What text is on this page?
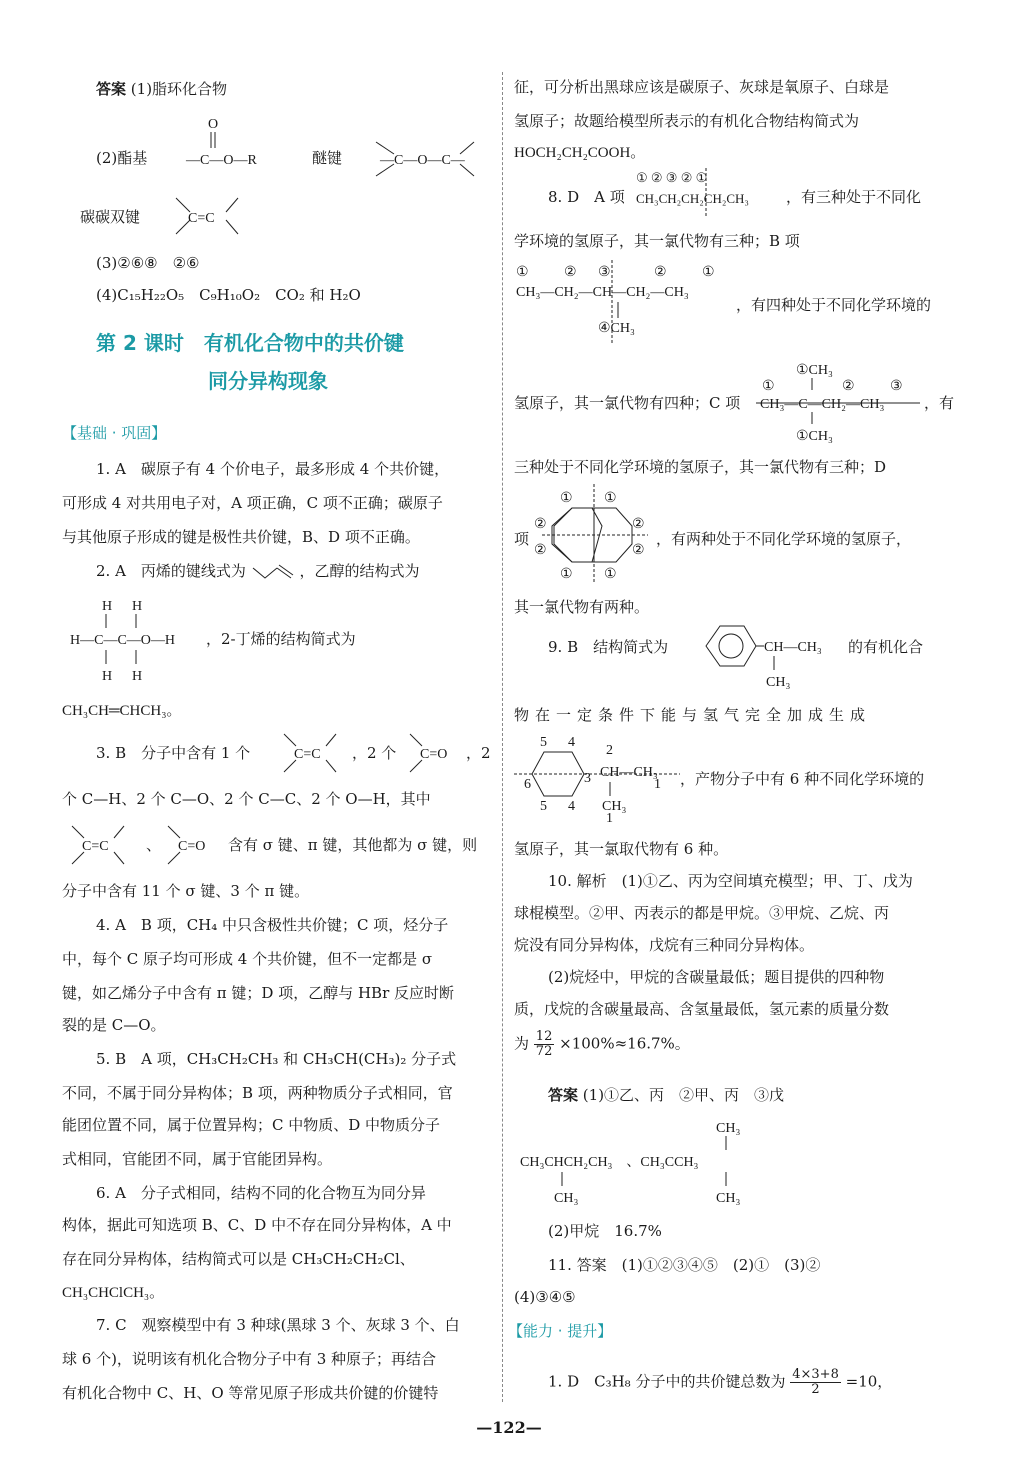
答案 (1)脂环化合物
(2)酯基
O
—C—O—R	醚键	—C—O—C—
碳碳双键	C=C
(3)②⑥⑧　②⑥
(4)C₁₅H₂₂O₅　C₉H₁₀O₂　CO₂ 和 H₂O
第 2 课时　有机化合物中的共价键
同分异构现象
【基础 · 巩固】
1. A　碳原子有 4 个价电子，最多形成 4 个共价键，
可形成 4 对共用电子对，A 项正确，C 项不正确；碳原子
与其他原子形成的键是极性共价键，B、D 项不正确。
2. A　丙烯的键线式为	，乙醇的结构式为
H H
H—C—C—O—H
H H
，2-丁烯的结构简式为
CH₃CH═CHCH₃。
3. B　分子中含有 1 个	C=C ，2 个 C=O ，2
个 C—H、2 个 C—O、2 个 C—C、2 个 O—H，其中
C=C 、 C=O 含有 σ 键、π 键，其他都为 σ 键，则
分子中含有 11 个 σ 键、3 个 π 键。
4. A　B 项，CH₄ 中只含极性共价键；C 项，烃分子
中，每个 C 原子均可形成 4 个共价键，但不一定都是 σ
键，如乙烯分子中含有 π 键；D 项，乙醇与 HBr 反应时断
裂的是 C—O。
5. B　A 项，CH₃CH₂CH₃ 和 CH₃CH(CH₃)₂ 分子式
不同，不属于同分异构体；B 项，两种物质分子式相同，官
能团位置不同，属于位置异构；C 中物质、D 中物质分子
式相同，官能团不同，属于官能团异构。
6. A　分子式相同，结构不同的化合物互为同分异
构体，据此可知选项 B、C、D 中不存在同分异构体，A 中
存在同分异构体，结构简式可以是 CH₃CH₂CH₂Cl、
CH₃CHClCH₃。
7. C　观察模型中有 3 种球(黑球 3 个、灰球 3 个、白
球 6 个)，说明该有机化合物分子中有 3 种原子；再结合
有机化合物中 C、H、O 等常见原子形成共价键的价键特
征，可分析出黑球应该是碳原子、灰球是氧原子、白球是
氢原子；故题给模型所表示的有机化合物结构简式为
HOCH₂CH₂COOH。
8. D　A 项
① ② ③ ② ①
CH₃CH₂CH₂CH₂CH₃ ，有三种处于不同化
学环境的氢原子，其一氯代物有三种；B 项
①	② ③	②	①
CH₃—CH₂—CH—CH₂—CH₃
④CH₃
，有四种处于不同化学环境的
氢原子，其一氯代物有四种；C 项
①CH₃
①	②	③
CH₃—C—CH₂—CH₃
①CH₃
，有
三种处于不同化学环境的氢原子，其一氯代物有三种；D
项
① ①
②	②
②	②
① ①
，有两种处于不同化学环境的氢原子，
其一氯代物有两种。
9. B　结构简式为	CH—CH₃
CH₃
的有机化合
物在一定条件下能与氢气完全加成生成
5 4
2
6	3 CH—CH₃
1
CH₃
1
5 4
，产物分子中有 6 种不同化学环境的
氢原子，其一氯取代物有 6 种。
10. 解析　(1)①乙、丙为空间填充模型；甲、丁、戊为
球棍模型。②甲、丙表示的都是甲烷。③甲烷、乙烷、丙
烷没有同分异构体，戊烷有三种同分异构体。
(2)烷烃中，甲烷的含碳量最低；题目提供的四种物
质，戊烷的含碳量最高、含氢量最低，氢元素的质量分数
为 $\frac{12}{72} \times 100\%\approx 16.7\%$。
答案 (1)①乙、丙　②甲、丙　③戊
CH₃
CH₃CHCH₂CH₃　、CH₃CCH₃
CH₃	CH₃
(2)甲烷　16.7%
11. 答案　(1)①②③④⑤　(2)①　(3)②
(4)③④⑤
【能力 · 提升】
1. D　C₃H₈ 分子中的共价键总数为 $\frac{4\times 3+8}{2} =10$，
—122—
